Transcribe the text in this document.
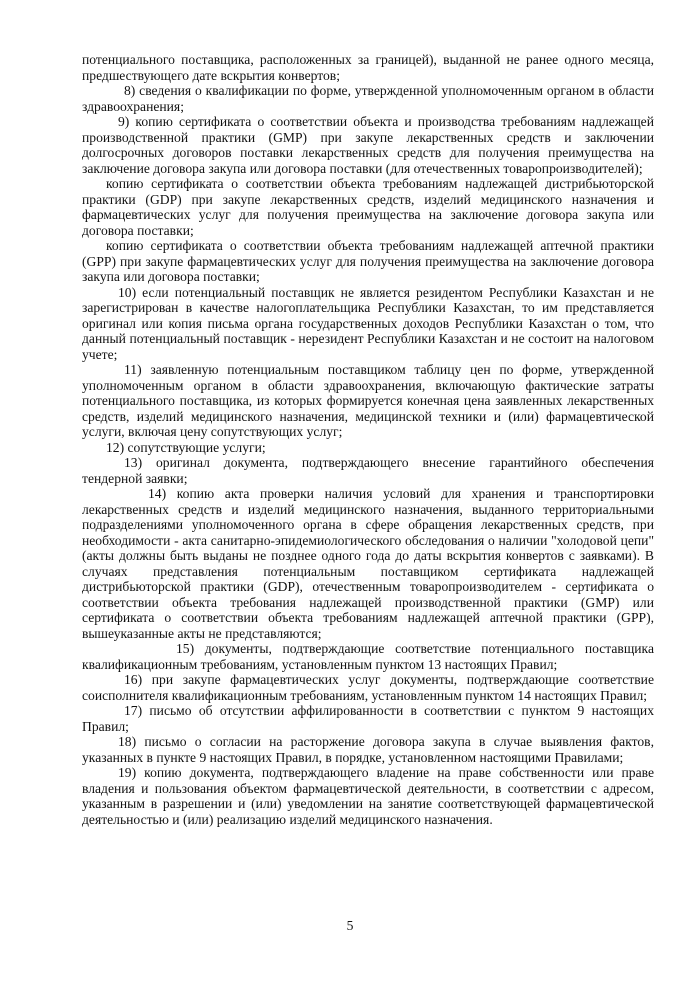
потенциального поставщика, расположенных за границей), выданной не ранее одного месяца, предшествующего дате вскрытия конвертов;

8) сведения о квалификации по форме, утвержденной уполномоченным органом в области здравоохранения;

9) копию сертификата о соответствии объекта и производства требованиям надлежащей производственной практики (GMP) при закупе лекарственных средств и заключении долгосрочных договоров поставки лекарственных средств для получения преимущества на заключение договора закупа или договора поставки (для отечественных товаропроизводителей);

копию сертификата о соответствии объекта требованиям надлежащей дистрибьюторской практики (GDP) при закупе лекарственных средств, изделий медицинского назначения и фармацевтических услуг для получения преимущества на заключение договора закупа или договора поставки;

копию сертификата о соответствии объекта требованиям надлежащей аптечной практики (GPP) при закупе фармацевтических услуг для получения преимущества на заключение договора закупа или договора поставки;

10) если потенциальный поставщик не является резидентом Республики Казахстан и не зарегистрирован в качестве налогоплательщика Республики Казахстан, то им представляется оригинал или копия письма органа государственных доходов Республики Казахстан о том, что данный потенциальный поставщик - нерезидент Республики Казахстан и не состоит на налоговом учете;

11) заявленную потенциальным поставщиком таблицу цен по форме, утвержденной уполномоченным органом в области здравоохранения, включающую фактические затраты потенциального поставщика, из которых формируется конечная цена заявленных лекарственных средств, изделий медицинского назначения, медицинской техники и (или) фармацевтической услуги, включая цену сопутствующих услуг;

12) сопутствующие услуги;

13) оригинал документа, подтверждающего внесение гарантийного обеспечения тендерной заявки;

14) копию акта проверки наличия условий для хранения и транспортировки лекарственных средств и изделий медицинского назначения, выданного территориальными подразделениями уполномоченного органа в сфере обращения лекарственных средств, при необходимости - акта санитарно-эпидемиологического обследования о наличии "холодовой цепи" (акты должны быть выданы не позднее одного года до даты вскрытия конвертов с заявками). В случаях представления потенциальным поставщиком сертификата надлежащей дистрибьюторской практики (GDP), отечественным товаропроизводителем - сертификата о соответствии объекта требования надлежащей производственной практики (GMP) или сертификата о соответствии объекта требованиям надлежащей аптечной практики (GPP), вышеуказанные акты не представляются;

15) документы, подтверждающие соответствие потенциального поставщика квалификационным требованиям, установленным пунктом 13 настоящих Правил;

16) при закупе фармацевтических услуг документы, подтверждающие соответствие соисполнителя квалификационным требованиям, установленным пунктом 14 настоящих Правил;

17) письмо об отсутствии аффилированности в соответствии с пунктом 9 настоящих Правил;

18) письмо о согласии на расторжение договора закупа в случае выявления фактов, указанных в пункте 9 настоящих Правил, в порядке, установленном настоящими Правилами;

19) копию документа, подтверждающего владение на праве собственности или праве владения и пользования объектом фармацевтической деятельности, в соответствии с адресом, указанным в разрешении и (или) уведомлении на занятие соответствующей фармацевтической деятельностью и (или) реализацию изделий медицинского назначения.

5
